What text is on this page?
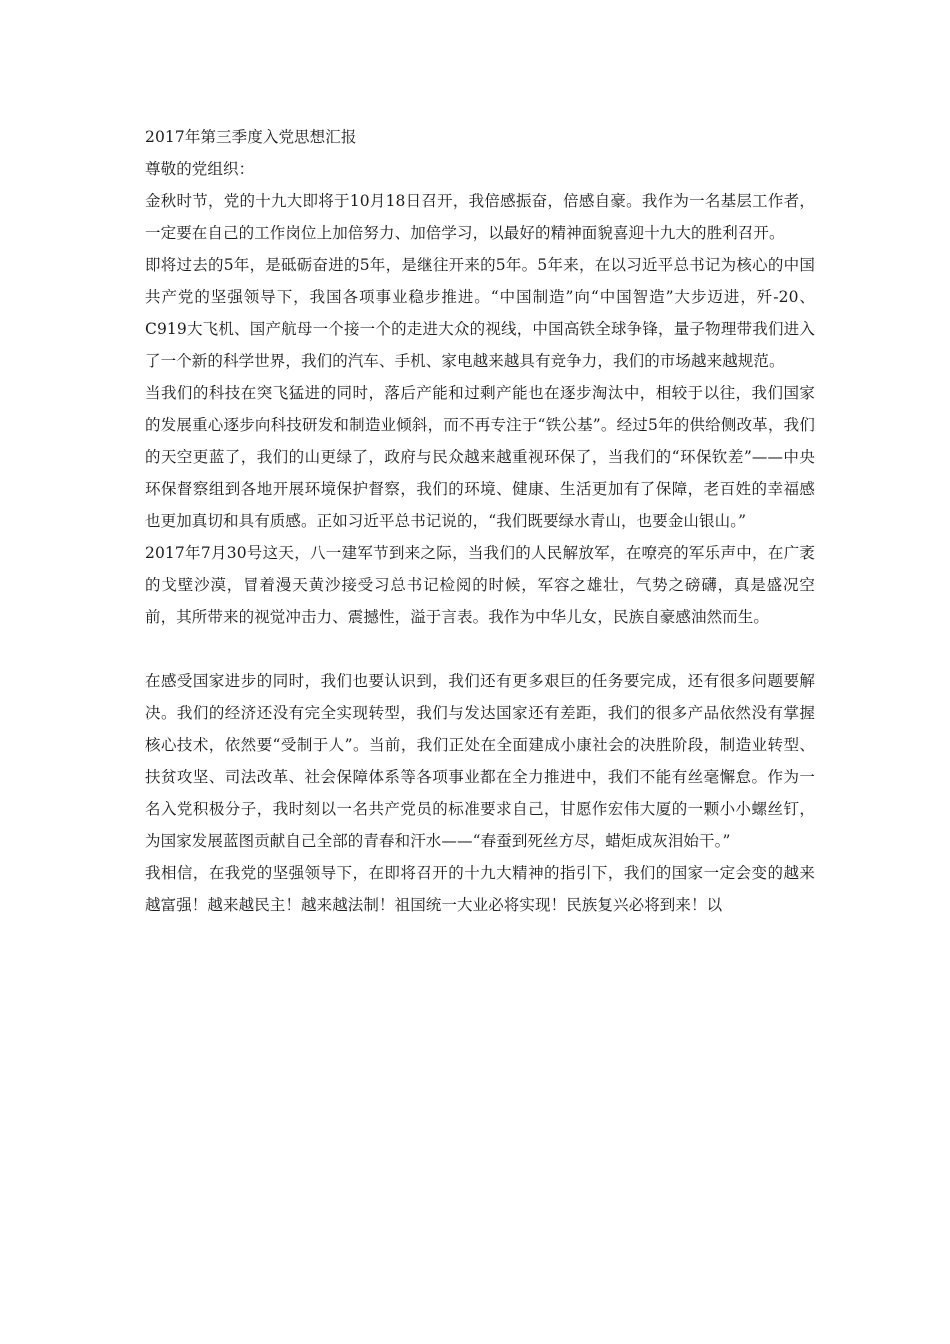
2017年第三季度入党思想汇报

尊敬的党组织：

金秋时节，党的十九大即将于10月18日召开，我倍感振奋，倍感自豪。我作为一名基层工作者，一定要在自己的工作岗位上加倍努力、加倍学习，以最好的精神面貌喜迎十九大的胜利召开。

即将过去的5年，是砥砺奋进的5年，是继往开来的5年。5年来，在以习近平总书记为核心的中国共产党的坚强领导下，我国各项事业稳步推进。“中国制造”向“中国智造”大步迈进，歼-20、C919大飞机、国产航母一个接一个的走进大众的视线，中国高铁全球争锋，量子物理带我们进入了一个新的科学世界，我们的汽车、手机、家电越来越具有竞争力，我们的市场越来越规范。

当我们的科技在突飞猛进的同时，落后产能和过剩产能也在逐步淘汰中，相较于以往，我们国家的发展重心逐步向科技研发和制造业倾斜，而不再专注于“铁公基”。经过5年的供给侧改革，我们的天空更蓝了，我们的山更绿了，政府与民众越来越重视环保了，当我们的“环保钦差”——中央环保督察组到各地开展环境保护督察，我们的环境、健康、生活更加有了保障，老百姓的幸福感也更加真切和具有质感。正如习近平总书记说的，“我们既要绿水青山，也要金山银山。”

2017年7月30号这天，八一建军节到来之际，当我们的人民解放军，在嘹亮的军乐声中，在广袤的戈壁沙漠，冒着漫天黄沙接受习总书记检阅的时候，军容之雄壮，气势之磅礴，真是盛况空前，其所带来的视觉冲击力、震撼性，溢于言表。我作为中华儿女，民族自豪感油然而生。

在感受国家进步的同时，我们也要认识到，我们还有更多艰巨的任务要完成，还有很多问题要解决。我们的经济还没有完全实现转型，我们与发达国家还有差距，我们的很多产品依然没有掌握核心技术，依然要“受制于人”。当前，我们正处在全面建成小康社会的决胜阶段，制造业转型、扶贫攻坚、司法改革、社会保障体系等各项事业都在全力推进中，我们不能有丝毫懈怠。作为一名入党积极分子，我时刻以一名共产党员的标准要求自己，甘愿作宏伟大厦的一颗小小螺丝钉，为国家发展蓝图贡献自己全部的青春和汗水——“春蚕到死丝方尽，蜡炬成灰泪始干。”

我相信，在我党的坚强领导下，在即将召开的十九大精神的指引下，我们的国家一定会变的越来越富强！越来越民主！越来越法制！祖国统一大业必将实现！民族复兴必将到来！以
